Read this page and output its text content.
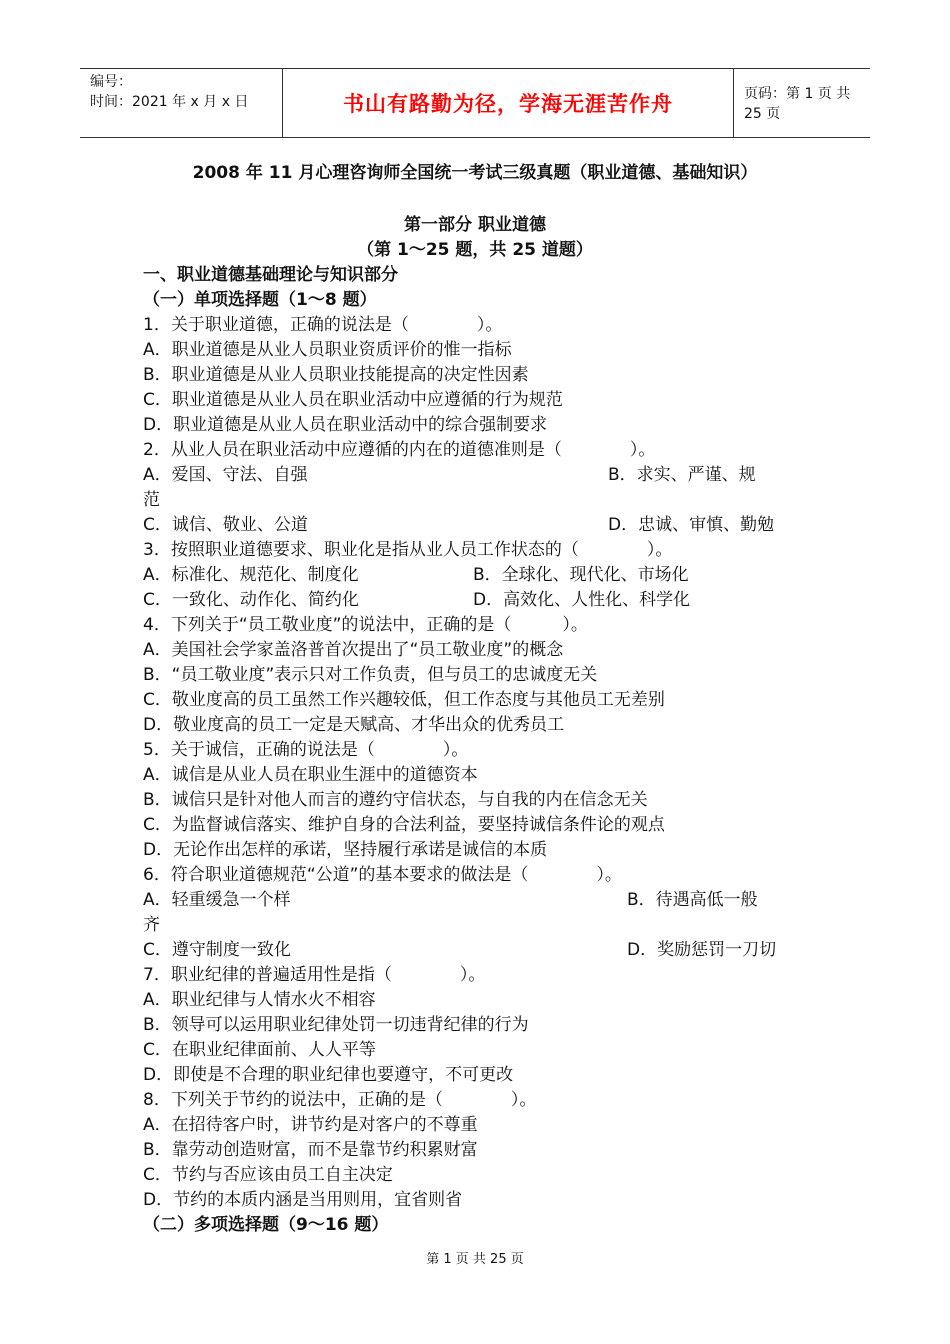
编号：
时间：2021 年 x 月 x 日	书山有路勤为径，学海无涯苦作舟	页码：第 1 页 共 25 页
2008 年 11 月心理咨询师全国统一考试三级真题（职业道德、基础知识）
第一部分 职业道德
（第 1～25 题，共 25 道题）
一、职业道德基础理论与知识部分
（一）单项选择题（1～8 题）
1．关于职业道德，正确的说法是（　　　　）。
A．职业道德是从业人员职业资质评价的惟一指标
B．职业道德是从业人员职业技能提高的决定性因素
C．职业道德是从业人员在职业活动中应遵循的行为规范
D．职业道德是从业人员在职业活动中的综合强制要求
2．从业人员在职业活动中应遵循的内在的道德准则是（　　　　）。
A．爱国、守法、自强	B．求实、严谨、规
范
C．诚信、敬业、公道	D．忠诚、审慎、勤勉
3．按照职业道德要求、职业化是指从业人员工作状态的（　　　　）。
A．标准化、规范化、制度化	B．全球化、现代化、市场化
C．一致化、动作化、简约化	D．高效化、人性化、科学化
4．下列关于“员工敬业度”的说法中，正确的是（　　　）。
A．美国社会学家盖洛普首次提出了“员工敬业度”的概念
B．“员工敬业度”表示只对工作负责，但与员工的忠诚度无关
C．敬业度高的员工虽然工作兴趣较低，但工作态度与其他员工无差别
D．敬业度高的员工一定是天赋高、才华出众的优秀员工
5．关于诚信，正确的说法是（　　　　）。
A．诚信是从业人员在职业生涯中的道德资本
B．诚信只是针对他人而言的遵约守信状态，与自我的内在信念无关
C．为监督诚信落实、维护自身的合法利益，要坚持诚信条件论的观点
D．无论作出怎样的承诺，坚持履行承诺是诚信的本质
6．符合职业道德规范“公道”的基本要求的做法是（　　　　）。
A．轻重缓急一个样	B．待遇高低一般
齐
C．遵守制度一致化	D．奖励惩罚一刀切
7．职业纪律的普遍适用性是指（　　　　）。
A．职业纪律与人情水火不相容
B．领导可以运用职业纪律处罚一切违背纪律的行为
C．在职业纪律面前、人人平等
D．即使是不合理的职业纪律也要遵守，不可更改
8．下列关于节约的说法中，正确的是（　　　　）。
A．在招待客户时，讲节约是对客户的不尊重
B．靠劳动创造财富，而不是靠节约积累财富
C．节约与否应该由员工自主决定
D．节约的本质内涵是当用则用，宜省则省
（二）多项选择题（9～16 题）
第 1 页 共 25 页
